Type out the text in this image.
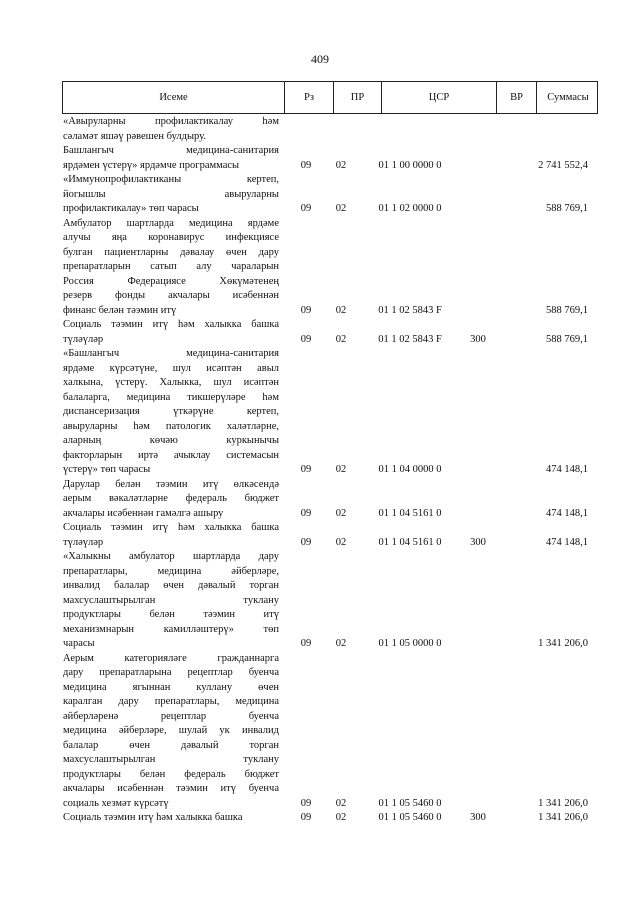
409
Исеме	Рз	ПР	ЦСР	ВР	Суммасы
«Авыруларны профилактикалау һәм
сәламәт яшәү рәвешен булдыру.
Башлангыч медицина-санитария
ярдәмен үстерү» ярдәмче программасы	09	02	01 1 00 0000 0	2 741 552,4
«Иммунопрофилактиканы кертеп,
йогышлы авыруларны
профилактикалау» төп чарасы	09	02	01 1 02 0000 0	588 769,1
Амбулатор шартларда медицина ярдәме
алучы яңа коронавирус инфекциясе
булган пациентларны дәвалау өчен дару
препаратларын сатып алу чараларын
Россия Федерациясе Хөкүмәтенең
резерв фонды акчалары исәбеннән
финанс белән тәэмин итү	09	02	01 1 02 5843 F	588 769,1
Социаль тәэмин итү һәм халыкка башка
түләүләр	09	02	01 1 02 5843 F	300	588 769,1
«Башлангыч медицина-санитария
ярдәме күрсәтүне, шул исәптән авыл
халкына, үстерү. Халыкка, шул исәптән
балаларга, медицина тикшерүләре һәм
диспансеризация үткәрүне кертеп,
авыруларны һәм патологик халәтләрне,
аларның көчәю куркынычы
факторларын иртә ачыклау системасын
үстерү» төп чарасы	09	02	01 1 04 0000 0	474 148,1
Дарулар белән тәэмин итү өлкәсендә
аерым вәкаләтләрне федераль бюджет
акчалары исәбеннән гамәлгә ашыру	09	02	01 1 04 5161 0	474 148,1
Социаль тәэмин итү һәм халыкка башка
түләүләр	09	02	01 1 04 5161 0	300	474 148,1
«Халыкны амбулатор шартларда дару
препаратлары, медицина әйберләре,
инвалид балалар өчен дәвалый торган
махсуслаштырылган туклану
продуктлары белән тәэмин итү
механизмнарын камилләштерү» төп
чарасы	09	02	01 1 05 0000 0	1 341 206,0
Аерым категорияләге гражданнарга
дару препаратларына рецептлар буенча
медицина ягыннан куллану өчен
каралган дару препаратлары, медицина
әйберләренә рецептлар буенча
медицина әйберләре, шулай ук инвалид
балалар өчен дәвалый торган
махсуслаштырылган туклану
продуктлары белән федераль бюджет
акчалары исәбеннән тәэмин итү буенча
социаль хезмәт күрсәтү	09	02	01 1 05 5460 0	1 341 206,0
Социаль тәэмин итү һәм халыкка башка	09	02	01 1 05 5460 0	300	1 341 206,0
